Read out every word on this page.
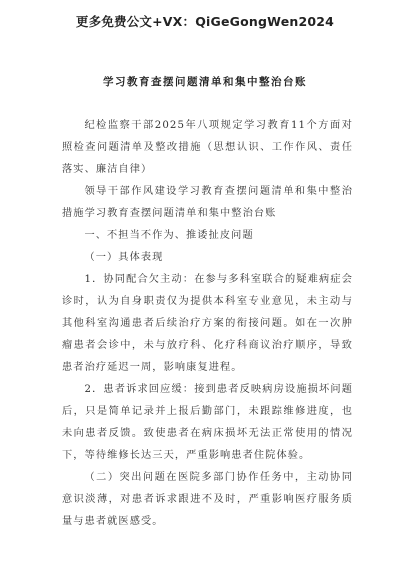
更多免费公文+VX：QiGeGongWen2024
学习教育查摆问题清单和集中整治台账

纪检监察干部2025年八项规定学习教育11个方面对照检查问题清单及整改措施（思想认识、工作作风、责任落实、廉洁自律）

领导干部作风建设学习教育查摆问题清单和集中整治措施学习教育查摆问题清单和集中整治台账

一、不担当不作为、推诿扯皮问题

（一）具体表现

1．协同配合欠主动：在参与多科室联合的疑难病症会诊时，认为自身职责仅为提供本科室专业意见，未主动与其他科室沟通患者后续治疗方案的衔接问题。如在一次肿瘤患者会诊中，未与放疗科、化疗科商议治疗顺序，导致患者治疗延迟一周，影响康复进程。

2．患者诉求回应缓：接到患者反映病房设施损坏问题后，只是简单记录并上报后勤部门，未跟踪维修进度，也未向患者反馈。致使患者在病床损坏无法正常使用的情况下，等待维修长达三天，严重影响患者住院体验。

（二）突出问题在医院多部门协作任务中，主动协同意识淡薄，对患者诉求跟进不及时，严重影响医疗服务质量与患者就医感受。
